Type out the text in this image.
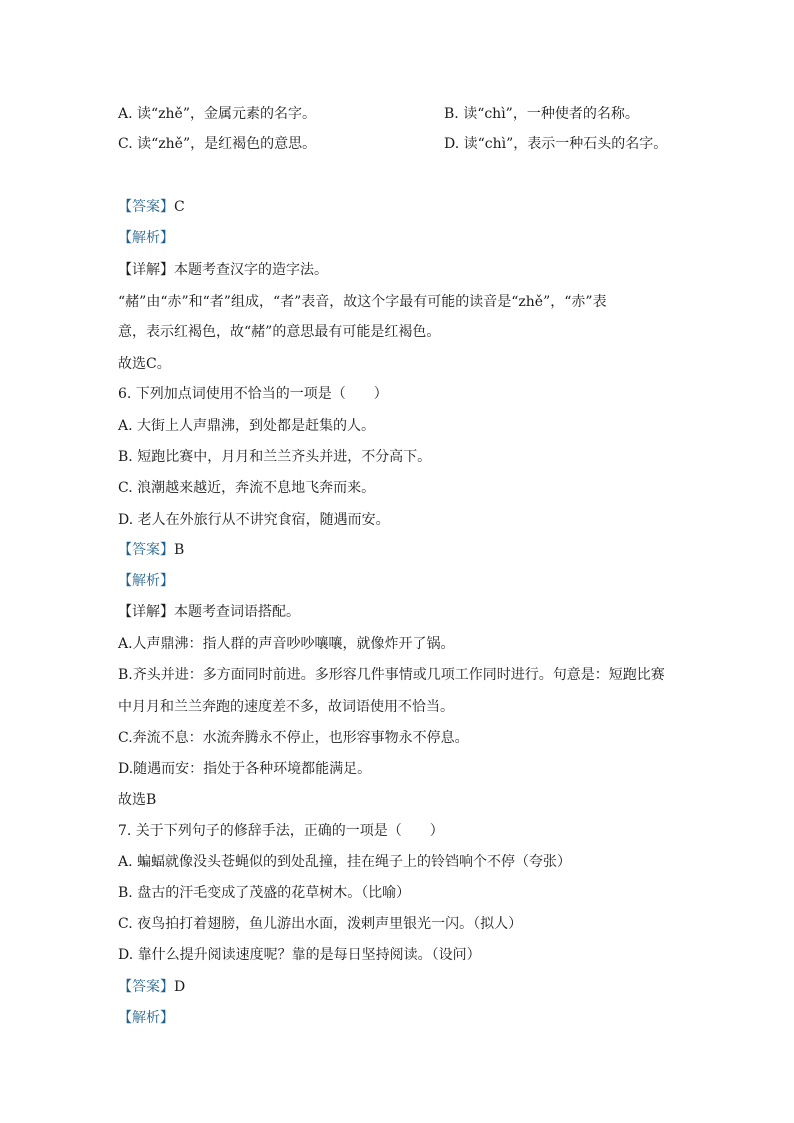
A. 读“zhě”，金属元素的名字。	B. 读“chì”，一种使者的名称。
C. 读“zhě”，是红褐色的意思。	D. 读“chì”，表示一种石头的名字。
【答案】C
【解析】
【详解】本题考查汉字的造字法。
“赭”由“赤”和“者”组成，“者”表音，故这个字最有可能的读音是“zhě”，“赤”表
意，表示红褐色，故“赭”的意思最有可能是红褐色。
故选C。
6. 下列加点词使用不恰当的一项是（　　）
A. 大街上人声鼎沸，到处都是赶集的人。
B. 短跑比赛中，月月和兰兰齐头并进，不分高下。
C. 浪潮越来越近，奔流不息地飞奔而来。
D. 老人在外旅行从不讲究食宿，随遇而安。
【答案】B
【解析】
【详解】本题考查词语搭配。
A.人声鼎沸：指人群的声音吵吵嚷嚷，就像炸开了锅。
B.齐头并进：多方面同时前进。多形容几件事情或几项工作同时进行。句意是：短跑比赛
中月月和兰兰奔跑的速度差不多，故词语使用不恰当。
C.奔流不息：水流奔腾永不停止，也形容事物永不停息。
D.随遇而安：指处于各种环境都能满足。
故选B
7. 关于下列句子的修辞手法，正确的一项是（　　）
A. 蝙蝠就像没头苍蝇似的到处乱撞，挂在绳子上的铃铛响个不停（夸张）
B. 盘古的汗毛变成了茂盛的花草树木。（比喻）
C. 夜鸟拍打着翅膀，鱼儿游出水面，泼剌声里银光一闪。（拟人）
D. 靠什么提升阅读速度呢？靠的是每日坚持阅读。（设问）
【答案】D
【解析】
